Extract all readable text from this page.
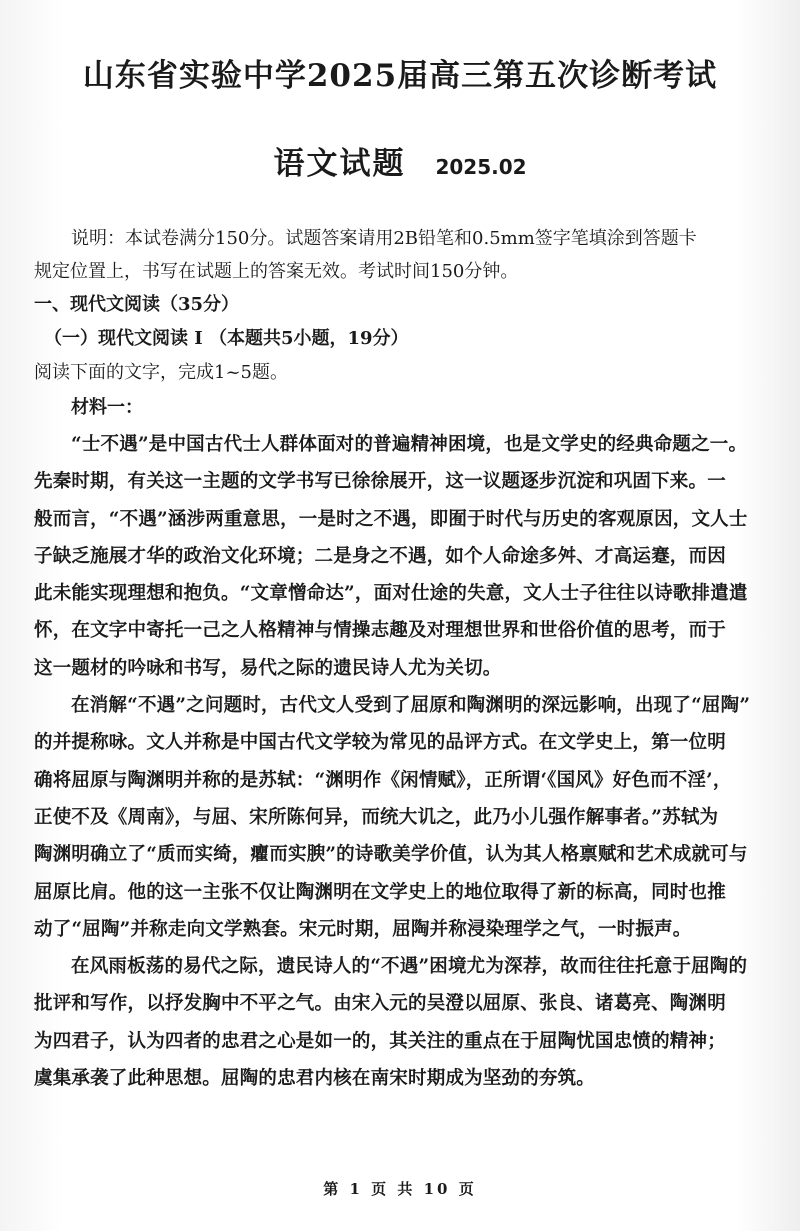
山东省实验中学2025届高三第五次诊断考试
语文试题 2025.02
说明：本试卷满分150分。试题答案请用2B铅笔和0.5mm签字笔填涂到答题卡
规定位置上，书写在试题上的答案无效。考试时间150分钟。
一、现代文阅读（35分）
（一）现代文阅读 I （本题共5小题，19分）
阅读下面的文字，完成1~5题。
材料一：
“士不遇”是中国古代士人群体面对的普遍精神困境，也是文学史的经典命题之一。
先秦时期，有关这一主题的文学书写已徐徐展开，这一议题逐步沉淀和巩固下来。一
般而言，“不遇”涵涉两重意思，一是时之不遇，即囿于时代与历史的客观原因，文人士
子缺乏施展才华的政治文化环境；二是身之不遇，如个人命途多舛、才高运蹇，而因
此未能实现理想和抱负。“文章憎命达”，面对仕途的失意，文人士子往往以诗歌排遣遣
怀，在文字中寄托一己之人格精神与情操志趣及对理想世界和世俗价值的思考，而于
这一题材的吟咏和书写，易代之际的遗民诗人尤为关切。
在消解“不遇”之问题时，古代文人受到了屈原和陶渊明的深远影响，出现了“屈陶”
的并提称咏。文人并称是中国古代文学较为常见的品评方式。在文学史上，第一位明
确将屈原与陶渊明并称的是苏轼：“渊明作《闲情赋》，正所谓‘《国风》好色而不淫’，
正使不及《周南》，与屈、宋所陈何异，而统大讥之，此乃小儿强作解事者。”苏轼为
陶渊明确立了“质而实绮，癯而实腴”的诗歌美学价值，认为其人格禀赋和艺术成就可与
屈原比肩。他的这一主张不仅让陶渊明在文学史上的地位取得了新的标高，同时也推
动了“屈陶”并称走向文学熟套。宋元时期，屈陶并称浸染理学之气，一时振声。
在风雨板荡的易代之际，遗民诗人的“不遇”困境尤为深荐，故而往往托意于屈陶的
批评和写作，以抒发胸中不平之气。由宋入元的吴澄以屈原、张良、诸葛亮、陶渊明
为四君子，认为四者的忠君之心是如一的，其关注的重点在于屈陶忧国忠愤的精神；
虞集承袭了此种思想。屈陶的忠君内核在南宋时期成为坚劲的夯筑。
第 1 页 共 10 页
